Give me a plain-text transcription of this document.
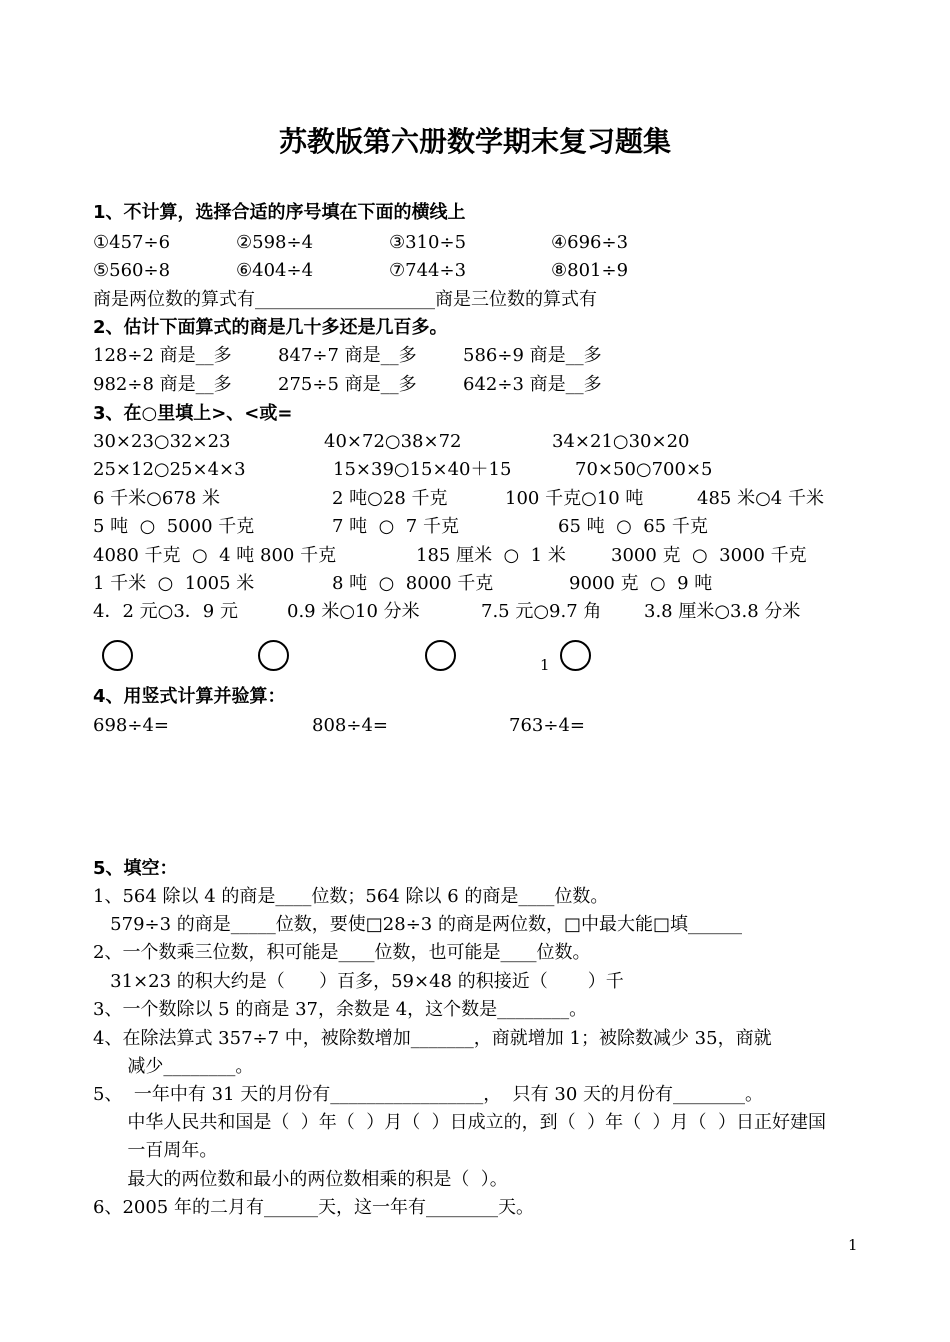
苏教版第六册数学期末复习题集
1、不计算，选择合适的序号填在下面的横线上
①457÷6	②598÷4	③310÷5	④696÷3
⑤560÷8	⑥404÷4	⑦744÷3	⑧801÷9
商是两位数的算式有____________________商是三位数的算式有
2、估计下面算式的商是几十多还是几百多。
128÷2 商是__多	847÷7 商是__多	586÷9 商是__多
982÷8 商是__多	275÷5 商是__多	642÷3 商是__多
3、在○里填上>、<或=
30×23○32×23	40×72○38×72	34×21○30×20
25×12○25×4×3	15×39○15×40＋15	70×50○700×5
6 千米○678 米	2 吨○28 千克	100 千克○10 吨	485 米○4 千米
5 吨  ○  5000 千克	7 吨  ○  7 千克	65 吨  ○  65 千克
4080 千克  ○  4 吨 800 千克	185 厘米  ○  1 米	3000 克  ○  3000 千克
1 千米  ○  1005 米	8 吨  ○  8000 千克	9000 克  ○  9 吨
4．2 元○3．9 元	0.9 米○10 分米	7.5 元○9.7 角 3.8 厘米○3.8 分米
1
4、用竖式计算并验算：
698÷4=	808÷4=	763÷4=
5、填空：
1、564 除以 4 的商是____位数；564 除以 6 的商是____位数。
579÷3 的商是_____位数，要使□28÷3 的商是两位数，□中最大能□填______
2、一个数乘三位数，积可能是____位数，也可能是____位数。
31×23 的积大约是（      ）百多，59×48 的积接近（       ）千
3、一个数除以 5 的商是 37，余数是 4，这个数是________。
4、在除法算式 357÷7 中，被除数增加_______，商就增加 1；被除数减少 35，商就
减少________。
5、  一年中有 31 天的月份有_________________，  只有 30 天的月份有________。
中华人民共和国是（  ）年（  ）月（  ）日成立的，到（  ）年（  ）月（  ）日正好建国
一百周年。
最大的两位数和最小的两位数相乘的积是（  ）。
6、2005 年的二月有______天，这一年有________天。
1
